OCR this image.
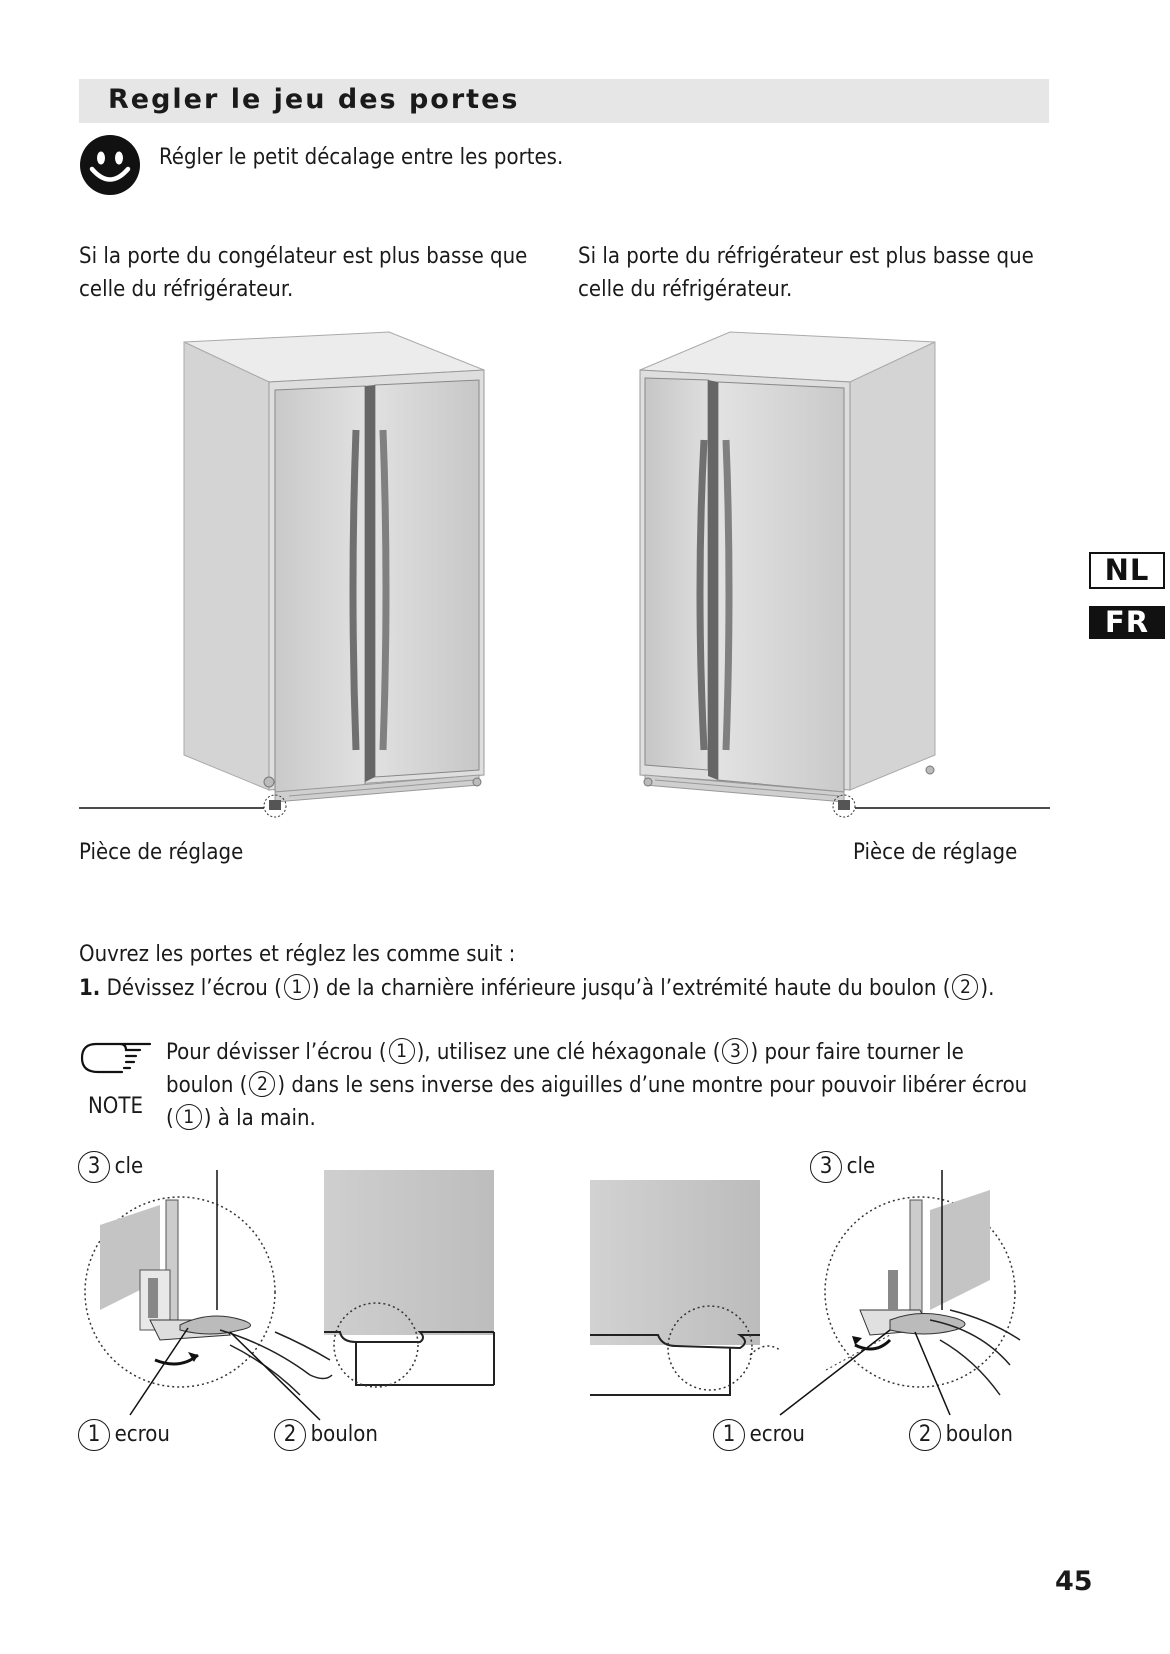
Regler le jeu des portes
Régler le petit décalage entre les portes.
Si la porte du congélateur est plus basse que
celle du réfrigérateur.
Si la porte du réfrigérateur est plus basse que
celle du réfrigérateur.
Pièce de réglage	Pièce de réglage
Ouvrez les portes et réglez les comme suit :
1. Dévissez l’écrou ( 1 ) de la charnière inférieure jusqu’à l’extrémité haute du boulon ( 2 ).
NOTE
Pour dévisser l’écrou ( 1 ), utilisez une clé héxagonale ( 3 ) pour faire tourner le
boulon ( 2 ) dans le sens inverse des aiguilles d’une montre pour pouvoir libérer écrou
( 1 ) à la main.
3 cle
1 ecrou	2 boulon
3 cle
1 ecrou	2 boulon
NL
FR
45
